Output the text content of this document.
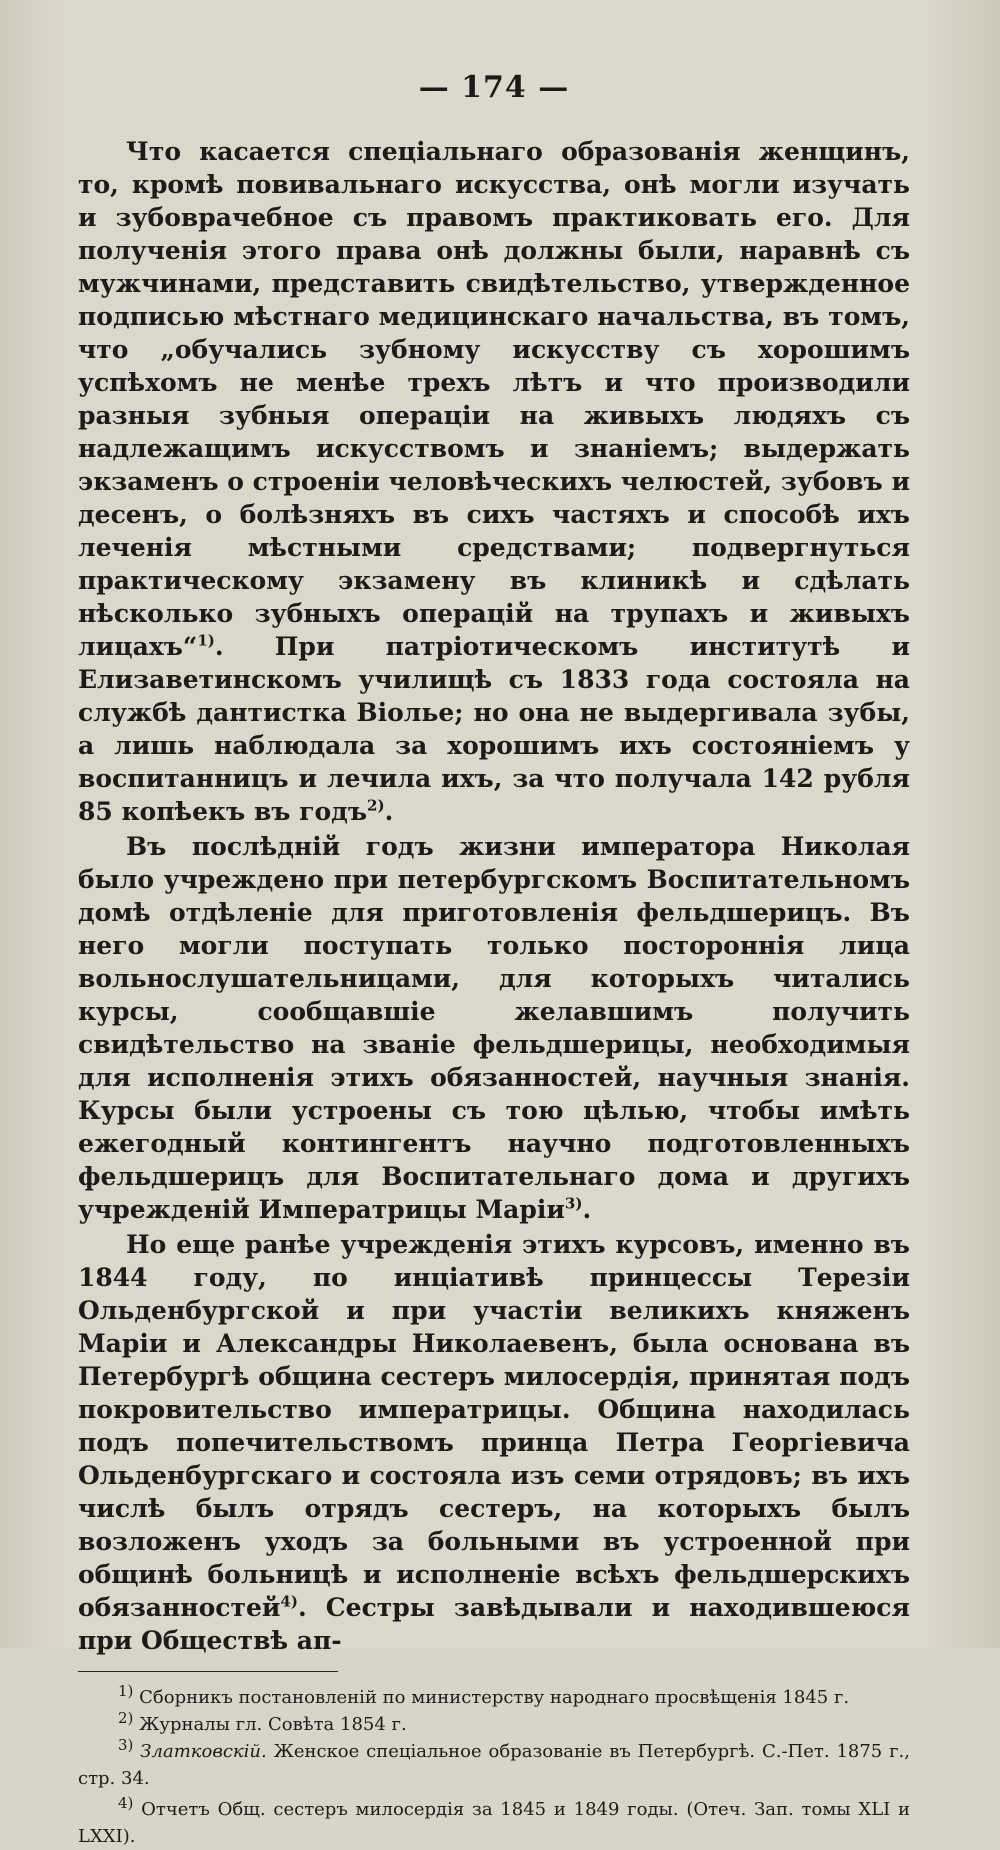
— 174 —

Что касается спеціальнаго образованія женщинъ, то, кромѣ повивальнаго искусства, онѣ могли изучать и зубоврачебное съ правомъ практиковать его. Для полученія этого права онѣ должны были, наравнѣ съ мужчинами, представить свидѣтельство, утвержденное подписью мѣстнаго медицинскаго начальства, въ томъ, что „обучались зубному искусству съ хорошимъ успѣхомъ не менѣе трехъ лѣтъ и что производили разныя зубныя операціи на живыхъ людяхъ съ надлежащимъ искусствомъ и знаніемъ; выдержать экзаменъ о строеніи человѣческихъ челюстей, зубовъ и десенъ, о болѣзняхъ въ сихъ частяхъ и способѣ ихъ леченія мѣстными средствами; подвергнуться практическому экзамену въ клиникѣ и сдѣлать нѣсколько зубныхъ операцій на трупахъ и живыхъ лицахъ“$^{1)}$. При патріотическомъ институтѣ и Елизаветинскомъ училищѣ съ 1833 года состояла на службѣ дантистка Віолье; но она не выдергивала зубы, а лишь наблюдала за хорошимъ ихъ состояніемъ у воспитанницъ и лечила ихъ, за что получала 142 рубля 85 копѣекъ въ годъ$^{2)}$.

Въ послѣдній годъ жизни императора Николая было учреждено при петербургскомъ Воспитательномъ домѣ отдѣленіе для приготовленія фельдшерицъ. Въ него могли поступать только постороннія лица вольнослушательницами, для которыхъ читались курсы, сообщавшіе желавшимъ получить свидѣтельство на званіе фельдшерицы, необходимыя для исполненія этихъ обязанностей, научныя знанія. Курсы были устроены съ тою цѣлью, чтобы имѣть ежегодный контингентъ научно подготовленныхъ фельдшерицъ для Воспитательнаго дома и другихъ учрежденій Императрицы Маріи$^{3)}$.

Но еще ранѣе учрежденія этихъ курсовъ, именно въ 1844 году, по инціативѣ принцессы Терезіи Ольденбургской и при участіи великихъ княженъ Маріи и Александры Николаевенъ, была основана въ Петербургѣ община сестеръ милосердія, принятая подъ покровительство императрицы. Община находилась подъ попечительствомъ принца Петра Георгіевича Ольденбургскаго и состояла изъ семи отрядовъ; въ ихъ числѣ былъ отрядъ сестеръ, на которыхъ былъ возложенъ уходъ за больными въ устроенной при общинѣ больницѣ и исполненіе всѣхъ фельдшерскихъ обязанностей$^{4)}$. Сестры завѣдывали и находившеюся при Обществѣ ап-

$^{1)}$ Сборникъ постановленій по министерству народнаго просвѣщенія 1845 г.
$^{2)}$ Журналы гл. Совѣта 1854 г.
$^{3)}$ Златковскій. Женское спеціальное образованіе въ Петербургѣ. С.-Пет. 1875 г., стр. 34.
$^{4)}$ Отчетъ Общ. сестеръ милосердія за 1845 и 1849 годы. (Отеч. Зап. томы XLI и LXXI).
